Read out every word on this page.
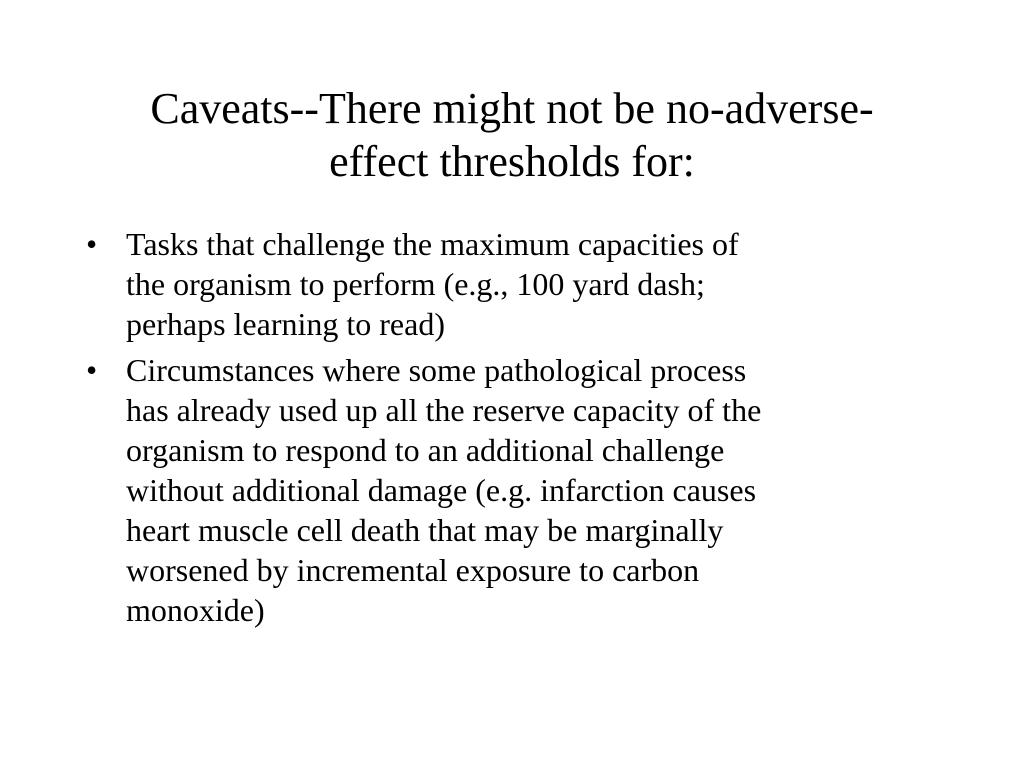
Caveats--There might not be no-adverse-
effect thresholds for:
• Tasks that challenge the maximum capacities of
the organism to perform (e.g., 100 yard dash;
perhaps learning to read)
• Circumstances where some pathological process
has already used up all the reserve capacity of the
organism to respond to an additional challenge
without additional damage (e.g. infarction causes
heart muscle cell death that may be marginally
worsened by incremental exposure to carbon
monoxide)
